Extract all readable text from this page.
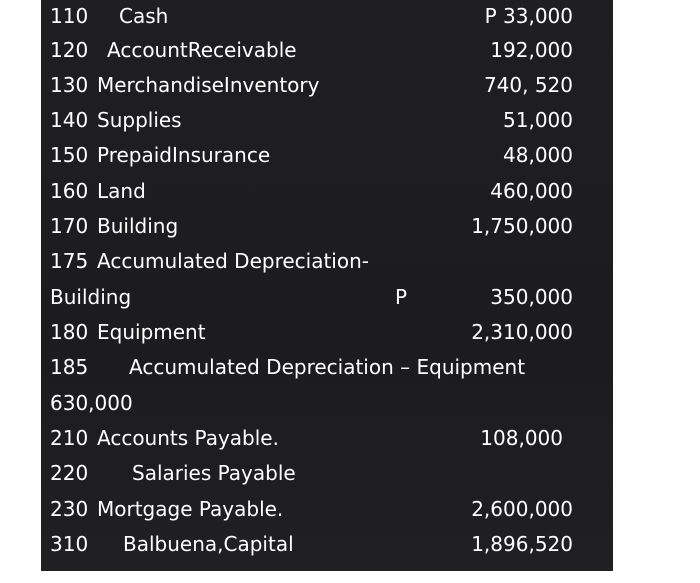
110 Cash	P 33,000
120 AccountReceivable	192,000
130 MerchandiseInventory	740, 520
140 Supplies	51,000
150 PrepaidInsurance	48,000
160 Land	460,000
170 Building	1,750,000
175 Accumulated Depreciation-
Building	P	350,000
180 Equipment	2,310,000
185 Accumulated Depreciation – Equipment
630,000
210 Accounts Payable.	108,000
220 Salaries Payable
230 Mortgage Payable.	2,600,000
310 Balbuena,Capital	1,896,520
